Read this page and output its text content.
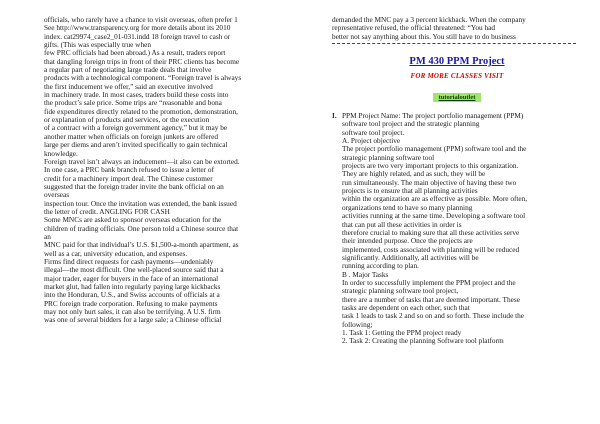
officials, who rarely have a chance to visit overseas, often prefer 1
See http://www.transparency.org for more details about its 2010
index. cat29974_case2_01-031.indd 18 foreign travel to cash or
gifts. (This was especially true when
few PRC officials had been abroad.) As a result, traders report
that dangling foreign trips in front of their PRC clients has become
a regular part of negotiating large trade deals that involve
products with a technological component. “Foreign travel is always
the first inducement we offer,” said an executive involved
in machinery trade. In most cases, traders build these costs into
the product’s sale price. Some trips are “reasonable and bona
fide expenditures directly related to the promotion, demonstration,
or explanation of products and services, or the execution
of a contract with a foreign government agency,” but it may be
another matter when officials on foreign junkets are offered
large per diems and aren’t invited specifically to gain technical
knowledge.
Foreign travel isn’t always an inducement—it also can be extorted.
In one case, a PRC bank branch refused to issue a letter of
credit for a machinery import deal. The Chinese customer
suggested that the foreign trader invite the bank official on an
overseas
inspection tour. Once the invitation was extended, the bank issued
the letter of credit. ANGLING FOR CASH
Some MNCs are asked to sponsor overseas education for the
children of trading officials. One person told a Chinese source that
an
MNC paid for that individual’s U.S. $1,500-a-month apartment, as
well as a car, university education, and expenses.
Firms find direct requests for cash payments—undeniably
illegal—the most difficult. One well-placed source said that a
major trader, eager for buyers in the face of an international
market glut, had fallen into regularly paying large kickbacks
into the Honduran, U.S., and Swiss accounts of officials at a
PRC foreign trade corporation. Refusing to make payments
may not only hurt sales, it can also be terrifying. A U.S. firm
was one of several bidders for a large sale; a Chinese official
demanded the MNC pay a 3 percent kickback. When the company
representative refused, the official threatened: “You had
better not say anything about this. You still have to do business
PM 430 PPM Project
FOR MORE CLASSES VISIT
tutorialoutlet
I. PPM Project Name: The project portfolio management (PPM)
software tool project and the strategic planning
software tool project.
A. Project objective
The project portfolio management (PPM) software tool and the
strategic planning software tool
projects are two very important projects to this organization.
They are highly related, and as such, they will be
run simultaneously. The main objective of having these two
projects is to ensure that all planning activities
within the organization are as effective as possible. More often,
organizations tend to have so many planning
activities running at the same time. Developing a software tool
that can put all these activities in order is
therefore crucial to making sure that all these activities serve
their intended purpose. Once the projects are
implemented, costs associated with planning will be reduced
significantly. Additionally, all activities will be
running according to plan.
B . Major Tasks
In order to successfully implement the PPM project and the
strategic planning software tool project,
there are a number of tasks that are deemed important. These
tasks are dependent on each other, such that
task 1 leads to task 2 and so on and so forth. These include the
following;
1. Task 1: Getting the PPM project ready
2. Task 2: Creating the planning Software tool platform
